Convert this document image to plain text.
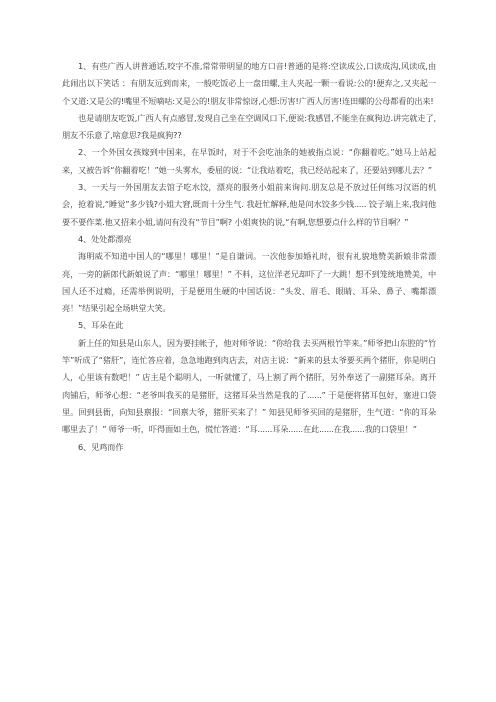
1、有些广西人讲普通话,咬字不准,常常带明显的地方口音!普通的是将:空读成公,口读成沟,风读成,由此闹出以下笑话 ：有朋友远到而来，一般吃饭必上一盘田螺,主人夹起一颗一看说:公的!便弃之,又夹起一个又道:又是公的!嘴里不短嘀咕:又是公的!朋友非常惊讶,心想:厉害!广西人厉害!连田螺的公母都看的出来!

也是请朋友吃饭,广西人有点感冒,发现自己坐在空调风口下,便说:我感冒,不能坐在疯狗边.讲完就走了,朋友不乐意了,啥意思?我是疯狗??

2、一个外国女孩嫁到中国来，在早饭时，对于不会吃油条的她被指点说：“你翻着吃。”她马上站起来，又被告诉“你翻着吃！”她一头雾水，委屈的说：“让我站着吃，我已经站起来了，还要站到哪儿去？”

3、一天与一外国朋友去馆子吃水饺，漂亮的服务小姐前来询问.朋友总是不放过任何练习汉语的机会，抢着说,“睡觉”多少钱?小姐大窘,既而十分生气. 我赶忙解释,他是问水饺多少钱..... 饺子端上来,我问他要不要作菜.他又招来小姐,请问有没有“节目”啊? 小姐爽快的说,“有啊,您想要点什么样的节目啊？”

4、处处都漂亮

海明威不知道中国人的“哪里！哪里！”是自谦词。一次他参加婚礼时，很有礼貌地赞美新娘非常漂亮，一旁的新郎代新娘说了声：“哪里！哪里！” 不料，这位洋老兄却吓了一大跳！想不到笼统地赞美，中国人还不过瘾，还需举例说明，于是便用生硬的中国话说：“头发、眉毛、眼睛、耳朵、鼻子、嘴都漂亮！”结果引起全场哄堂大笑。

5、耳朵在此

新上任的知县是山东人，因为要挂帐子，他对师爷说：“你给我 去买两根竹竿来。”师爷把山东腔的“竹竿”听成了“猪肝”，连忙答应着，急急地跑到肉店去，对店主说：“新来的县太爷要买两个猪肝，你是明白人，心里该有数吧！” 店主是个聪明人，一听就懂了，马上割了两个猪肝，另外奉送了一副猪耳朵。离开肉铺后，师爷心想：“老爷叫我买的是猪肝，这猪耳朵当然是我的了......” 于是便将猪耳包好，塞进口袋里。回到县衙，向知县禀报：“回禀大爷，猪肝买来了！” 知县见师爷买回的是猪肝，生气道：“你的耳朵哪里去了！” 师爷一听，吓得面如土色，慌忙答道：“耳......耳朵......在此......在我......我的口袋里！”

6、见鸡而作
